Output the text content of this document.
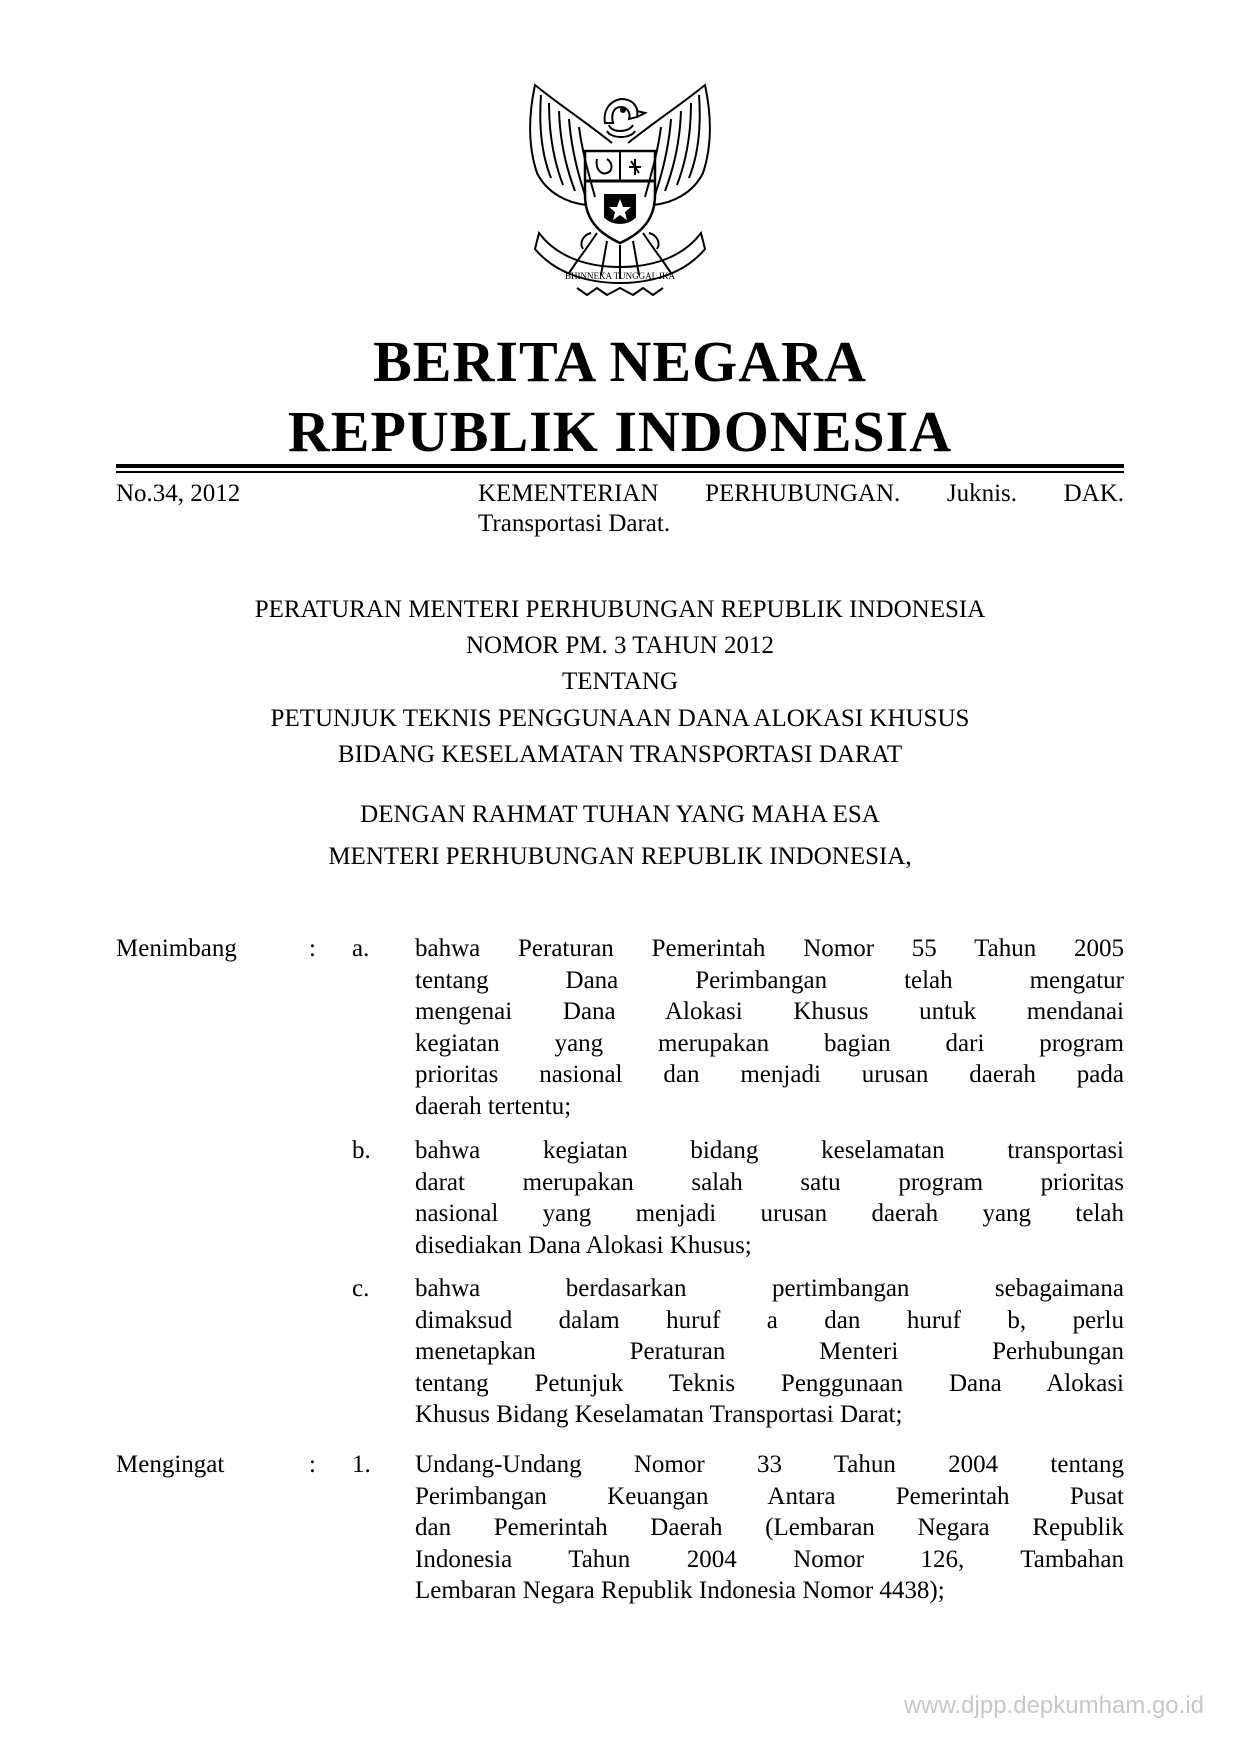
BHINNEKA TUNGGAL IKA
BERITA NEGARA
REPUBLIK INDONESIA
No.34, 2012	KEMENTERIAN PERHUBUNGAN. Juknis. DAK.
Transportasi Darat.
PERATURAN MENTERI PERHUBUNGAN REPUBLIK INDONESIA
NOMOR PM. 3 TAHUN 2012
TENTANG
PETUNJUK TEKNIS PENGGUNAAN DANA ALOKASI KHUSUS
BIDANG KESELAMATAN TRANSPORTASI DARAT
DENGAN RAHMAT TUHAN YANG MAHA ESA
MENTERI PERHUBUNGAN REPUBLIK INDONESIA,
Menimbang	: a. bahwa Peraturan Pemerintah Nomor 55 Tahun 2005
tentang Dana Perimbangan telah mengatur
mengenai Dana Alokasi Khusus untuk mendanai
kegiatan yang merupakan bagian dari program
prioritas nasional dan menjadi urusan daerah pada
daerah tertentu;
b. bahwa kegiatan bidang keselamatan transportasi
darat merupakan salah satu program prioritas
nasional yang menjadi urusan daerah yang telah
disediakan Dana Alokasi Khusus;
c. bahwa berdasarkan pertimbangan sebagaimana
dimaksud dalam huruf a dan huruf b, perlu
menetapkan Peraturan Menteri Perhubungan
tentang Petunjuk Teknis Penggunaan Dana Alokasi
Khusus Bidang Keselamatan Transportasi Darat;
Mengingat	: 1. Undang-Undang Nomor 33 Tahun 2004 tentang
Perimbangan Keuangan Antara Pemerintah Pusat
dan Pemerintah Daerah (Lembaran Negara Republik
Indonesia Tahun 2004 Nomor 126, Tambahan
Lembaran Negara Republik Indonesia Nomor 4438);
www.djpp.depkumham.go.id
